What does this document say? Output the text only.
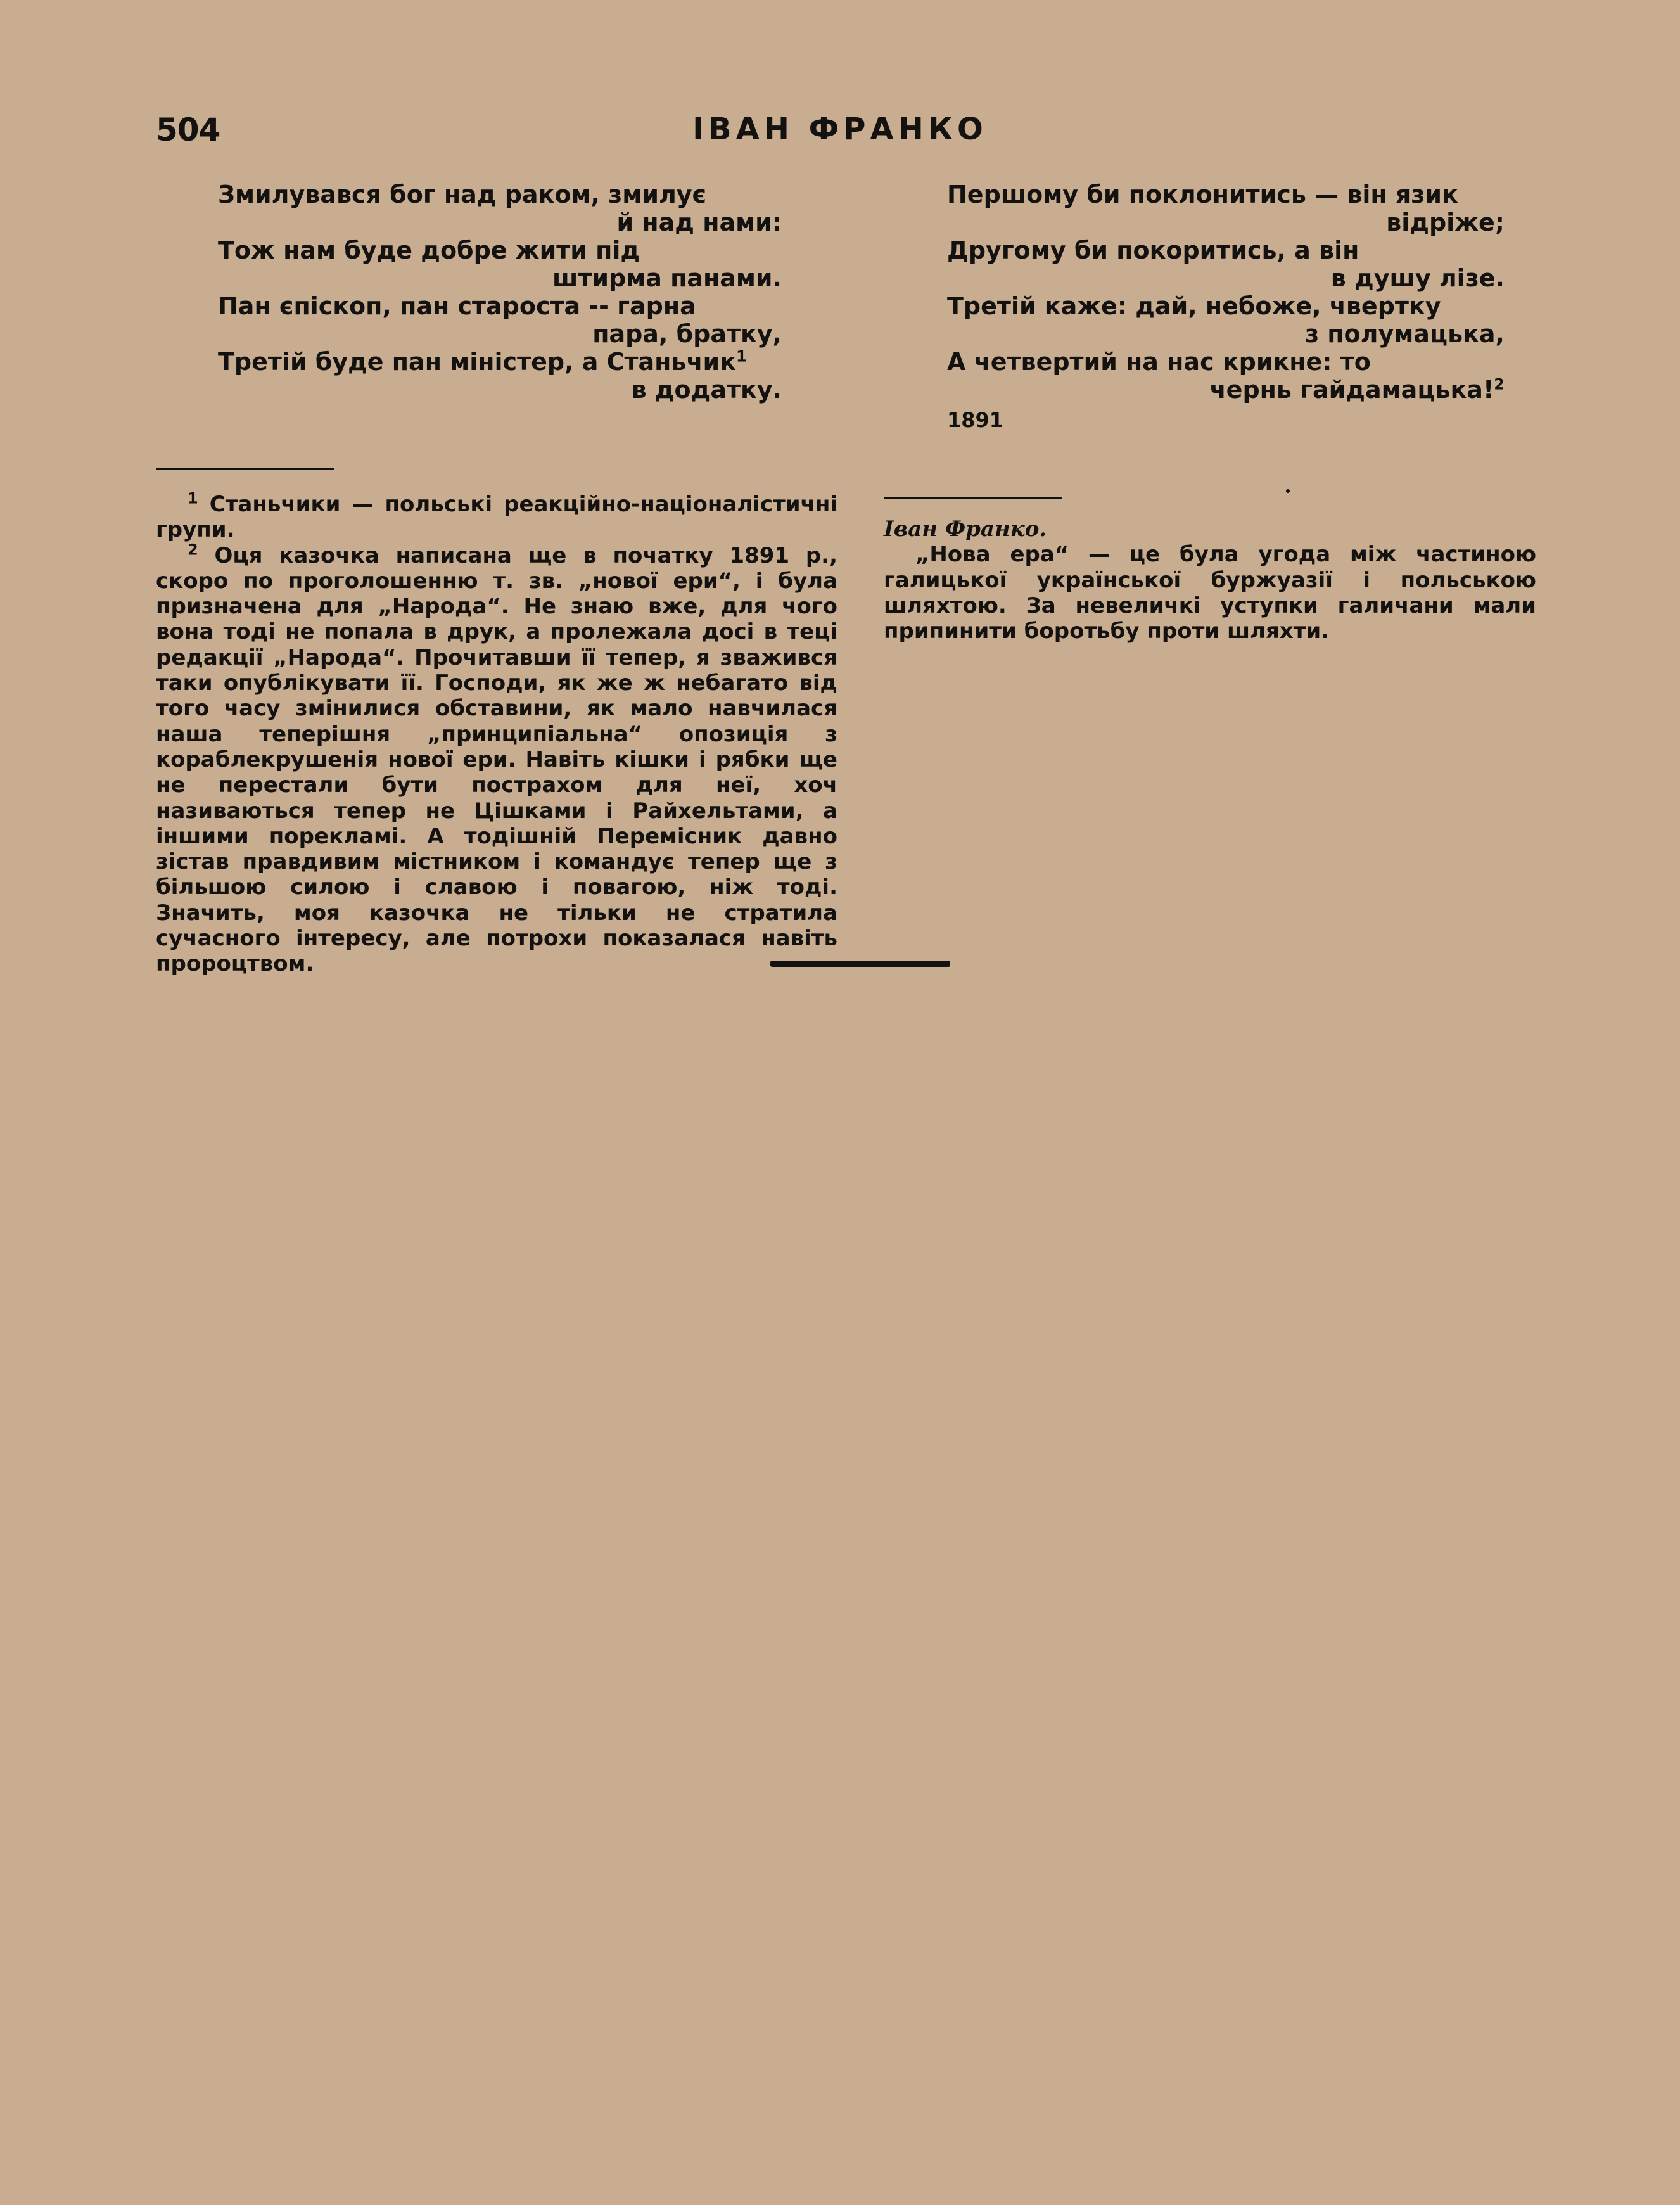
504	ІВАН ФРАНКО
Змилувався бог над раком, змилує
й над нами:
Тож нам буде добре жити під
штирма панами.
Пан єпіскоп, пан староста -- гарна
пара, братку,
Третій буде пан міністер, а Станьчик$^1$
в додатку.
Першому би поклонитись — він язик
відріже;
Другому би покоритись, а він
в душу лізе.
Третій каже: дай, небоже, чвертку
з полумацька,
А четвертий на нас крикне: то
чернь гайдамацька!$^2$
1891

$^1$ Станьчики — польські реакційно-націоналістичні групи.

$^2$ Оця казочка написана ще в початку 1891 р., скоро по проголошенню т. зв. „нової ери“, і була призначена для „Народа“. Не знаю вже, для чого вона тоді не попала в друк, а пролежала досі в теці редакції „Народа“. Прочитавши її тепер, я зважився таки опублікувати її. Господи, як же ж небагато від того часу змінилися обставини, як мало навчилася наша теперішня „принципіальна“ опозиція з кораблекрушенія нової ери. Навіть кішки і рябки ще не перестали бути пострахом для неї, хоч називаються тепер не Цішками і Райхельтами, а іншими порекламі. А тодішній Перемісник давно зістав правдивим містником і командує тепер ще з більшою силою і славою і повагою, ніж тоді. Значить, моя казочка не тільки не стратила сучасного інтересу, але потрохи показалася навіть пророцтвом.

Іван Франко.

„Нова ера“ — це була угода між частиною галицької української буржуазії і польською шляхтою. За невеличкі уступки галичани мали припинити боротьбу проти шляхти.
